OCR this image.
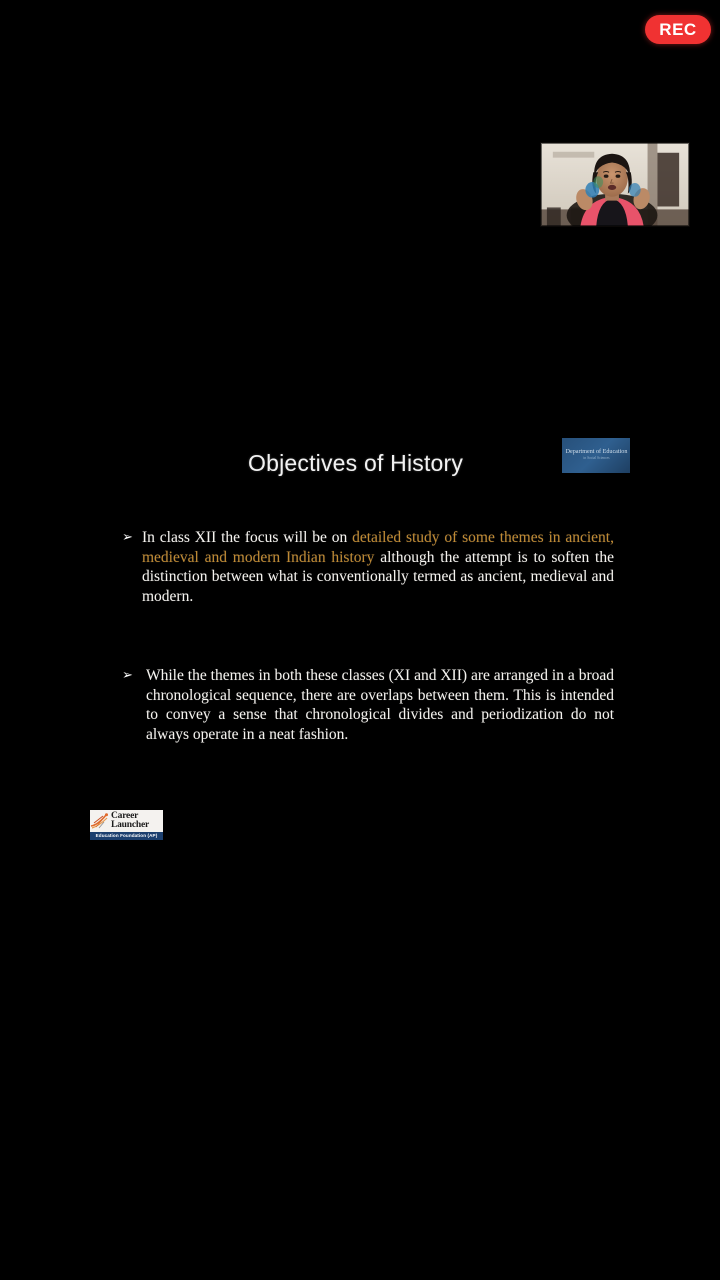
REC
Department of Education
in Social Sciences
Objectives of History
➢ In class XII the focus will be on detailed study of some themes in ancient, medieval and modern Indian history although the attempt is to soften the distinction between what is conventionally termed as ancient, medieval and modern.
➢ While the themes in both these classes (XI and XII) are arranged in a broad chronological sequence, there are overlaps between them. This is intended to convey a sense that chronological divides and periodization do not always operate in a neat fashion.
Career
Launcher
Education Foundation (AP)
